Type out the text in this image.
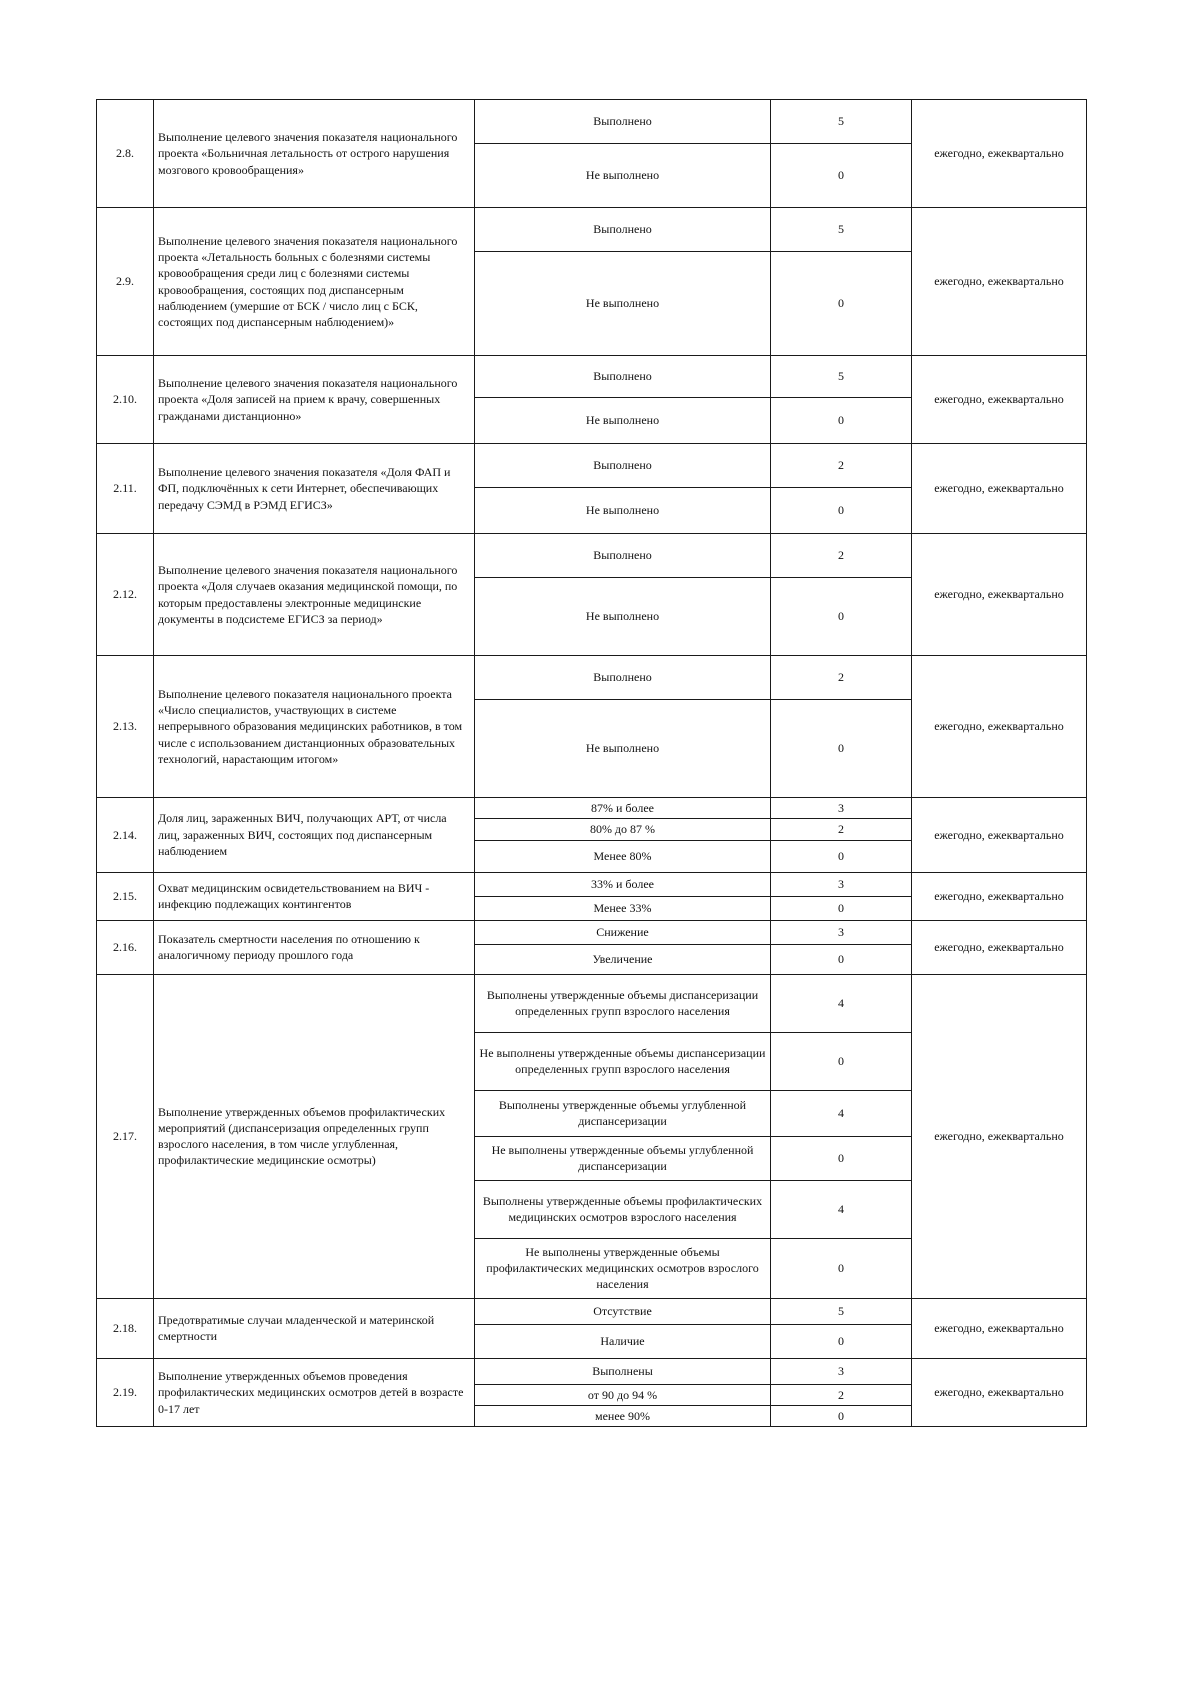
2.8.	Выполнение целевого значения показателя национального проекта «Больничная летальность от острого нарушения мозгового кровообращения»	Выполнено	5	ежегодно, ежеквартально
		Не выполнено	0	
2.9.	Выполнение целевого значения показателя национального проекта «Летальность больных с болезнями системы кровообращения среди лиц с болезнями системы кровообращения, состоящих под диспансерным наблюдением (умершие от БСК / число лиц с БСК, состоящих под диспансерным наблюдением)»	Выполнено	5	ежегодно, ежеквартально
		Не выполнено	0	
2.10.	Выполнение целевого значения показателя национального проекта «Доля записей на прием к врачу, совершенных гражданами дистанционно»	Выполнено	5	ежегодно, ежеквартально
		Не выполнено	0	
2.11.	Выполнение целевого значения показателя «Доля ФАП и ФП, подключённых к сети Интернет, обеспечивающих передачу СЭМД в РЭМД ЕГИСЗ»	Выполнено	2	ежегодно, ежеквартально
		Не выполнено	0	
2.12.	Выполнение целевого значения показателя национального проекта «Доля случаев оказания медицинской помощи, по которым предоставлены электронные медицинские документы в подсистеме ЕГИСЗ за период»	Выполнено	2	ежегодно, ежеквартально
		Не выполнено	0	
2.13.	Выполнение целевого показателя национального проекта «Число специалистов, участвующих в системе непрерывного образования медицинских работников, в том числе с использованием дистанционных образовательных технологий, нарастающим итогом»	Выполнено	2	ежегодно, ежеквартально
		Не выполнено	0	
2.14.	Доля лиц, зараженных ВИЧ, получающих АРТ, от числа лиц, зараженных ВИЧ, состоящих под диспансерным наблюдением	87% и более	3	ежегодно, ежеквартально
		80% до 87 %	2	
		Менее 80%	0	
2.15.	Охват медицинским освидетельствованием на ВИЧ - инфекцию подлежащих контингентов	33% и более	3	ежегодно, ежеквартально
		Менее 33%	0	
2.16.	Показатель смертности населения по отношению к аналогичному периоду прошлого года	Снижение	3	ежегодно, ежеквартально
		Увеличение	0	
2.17.	Выполнение утвержденных объемов профилактических мероприятий (диспансеризация определенных групп взрослого населения, в том числе углубленная, профилактические медицинские осмотры)	Выполнены утвержденные объемы диспансеризации определенных групп взрослого населения	4	ежегодно, ежеквартально
		Не выполнены утвержденные объемы диспансеризации определенных групп взрослого населения	0	
		Выполнены утвержденные объемы углубленной диспансеризации	4	
		Не выполнены утвержденные объемы углубленной диспансеризации	0	
		Выполнены утвержденные объемы профилактических медицинских осмотров взрослого населения	4	
		Не выполнены утвержденные объемы профилактических медицинских осмотров взрослого населения	0	
2.18.	Предотвратимые случаи младенческой и материнской смертности	Отсутствие	5	ежегодно, ежеквартально
		Наличие	0	
2.19.	Выполнение утвержденных объемов проведения профилактических медицинских осмотров детей в возрасте 0-17 лет	Выполнены	3	ежегодно, ежеквартально
		от 90 до 94 %	2	
		менее 90%	0	
